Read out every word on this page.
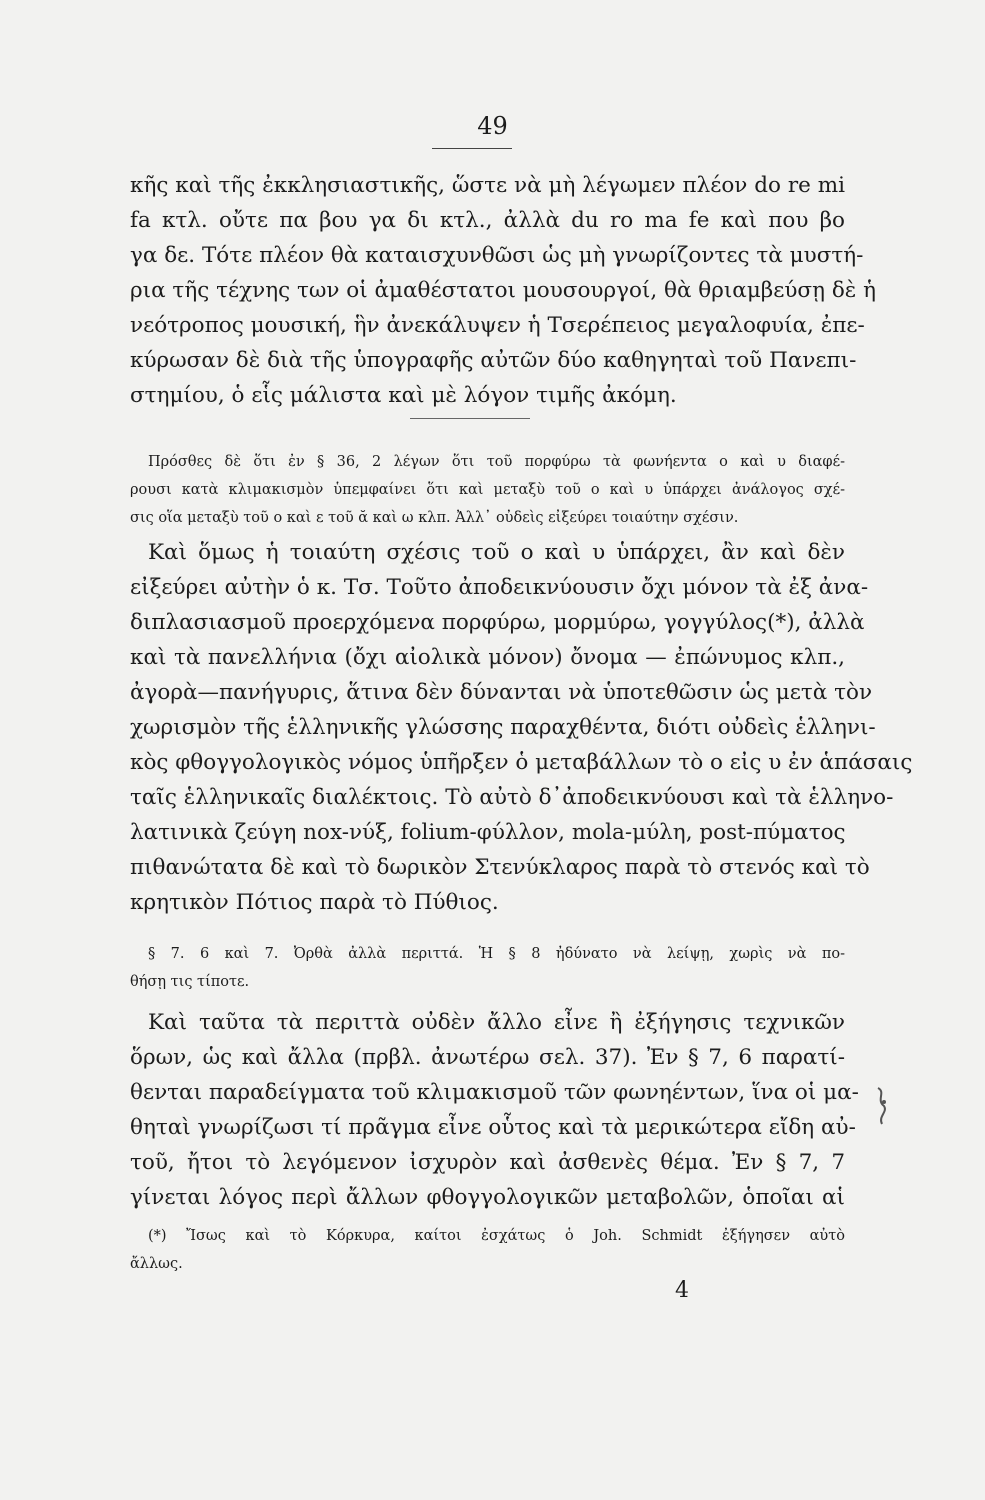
49
κῆς καὶ τῆς ἐκκλησιαστικῆς, ὥστε νὰ μὴ λέγωμεν πλέον do re mi
fa κτλ. οὔτε πα βου γα δι κτλ., ἀλλὰ du ro ma fe καὶ που βο
γα δε. Τότε πλέον θὰ καταισχυνθῶσι ὡς μὴ γνωρίζοντες τὰ μυστή-
ρια τῆς τέχνης των οἱ ἀμαθέστατοι μουσουργοί, θὰ θριαμβεύσῃ δὲ ἡ
νεότροπος μουσική, ἣν ἀνεκάλυψεν ἡ Τσερέπειος μεγαλοφυία, ἐπε-
κύρωσαν δὲ διὰ τῆς ὑπογραφῆς αὐτῶν δύο καθηγηταὶ τοῦ Πανεπι-
στημίου, ὁ εἷς μάλιστα καὶ μὲ λόγον τιμῆς ἀκόμη.
Πρόσθες δὲ ὅτι ἐν § 36, 2 λέγων ὅτι τοῦ πορφύρω τὰ φωνήεντα ο καὶ υ διαφέ-
ρουσι κατὰ κλιμακισμὸν ὑπεμφαίνει ὅτι καὶ μεταξὺ τοῦ ο καὶ υ ὑπάρχει ἀνάλογος σχέ-
σις οἵα μεταξὺ τοῦ ο καὶ ε τοῦ ᾰ καὶ ω κλπ. Ἀλλ᾽ οὐδεὶς εἰξεύρει τοιαύτην σχέσιν.
Καὶ ὅμως ἡ τοιαύτη σχέσις τοῦ ο καὶ υ ὑπάρχει, ἂν καὶ δὲν
εἰξεύρει αὐτὴν ὁ κ. Τσ. Τοῦτο ἀποδεικνύουσιν ὄχι μόνον τὰ ἐξ ἀνα-
διπλασιασμοῦ προερχόμενα πορφύρω, μορμύρω, γογγύλος(*), ἀλλὰ
καὶ τὰ πανελλήνια (ὄχι αἰολικὰ μόνον) ὄνομα — ἐπώνυμος κλπ.,
ἀγορὰ—πανήγυρις, ἅτινα δὲν δύνανται νὰ ὑποτεθῶσιν ὡς μετὰ τὸν
χωρισμὸν τῆς ἑλληνικῆς γλώσσης παραχθέντα, διότι οὐδεὶς ἑλληνι-
κὸς φθογγολογικὸς νόμος ὑπῆρξεν ὁ μεταβάλλων τὸ ο εἰς υ ἐν ἁπάσαις
ταῖς ἑλληνικαῖς διαλέκτοις. Τὸ αὐτὸ δ᾽ἀποδεικνύουσι καὶ τὰ ἑλληνο-
λατινικὰ ζεύγη nox-νύξ, folium-φύλλον, mola-μύλη, post-πύματος
πιθανώτατα δὲ καὶ τὸ δωρικὸν Στενύκλαρος παρὰ τὸ στενός καὶ τὸ
κρητικὸν Πότιος παρὰ τὸ Πύθιος.
§ 7. 6 καὶ 7. Ὀρθὰ ἀλλὰ περιττά. Ἡ § 8 ἠδύνατο νὰ λείψῃ, χωρὶς νὰ πο-
θήσῃ τις τίποτε.
Καὶ ταῦτα τὰ περιττὰ οὐδὲν ἄλλο εἶνε ἢ ἐξήγησις τεχνικῶν
ὅρων, ὡς καὶ ἄλλα (πρβλ. ἀνωτέρω σελ. 37). Ἐν § 7, 6 παρατί-
θενται παραδείγματα τοῦ κλιμακισμοῦ τῶν φωνηέντων, ἵνα οἱ μα-
θηταὶ γνωρίζωσι τί πρᾶγμα εἶνε οὗτος καὶ τὰ μερικώτερα εἴδη αὐ-
τοῦ, ἤτοι τὸ λεγόμενον ἰσχυρὸν καὶ ἀσθενὲς θέμα. Ἐν § 7, 7
γίνεται λόγος περὶ ἄλλων φθογγολογικῶν μεταβολῶν, ὁποῖαι αἱ
(*) Ἴσως καὶ τὸ Κόρκυρα, καίτοι ἐσχάτως ὁ Joh. Schmidt ἐξήγησεν αὐτὸ
ἄλλως.
4
